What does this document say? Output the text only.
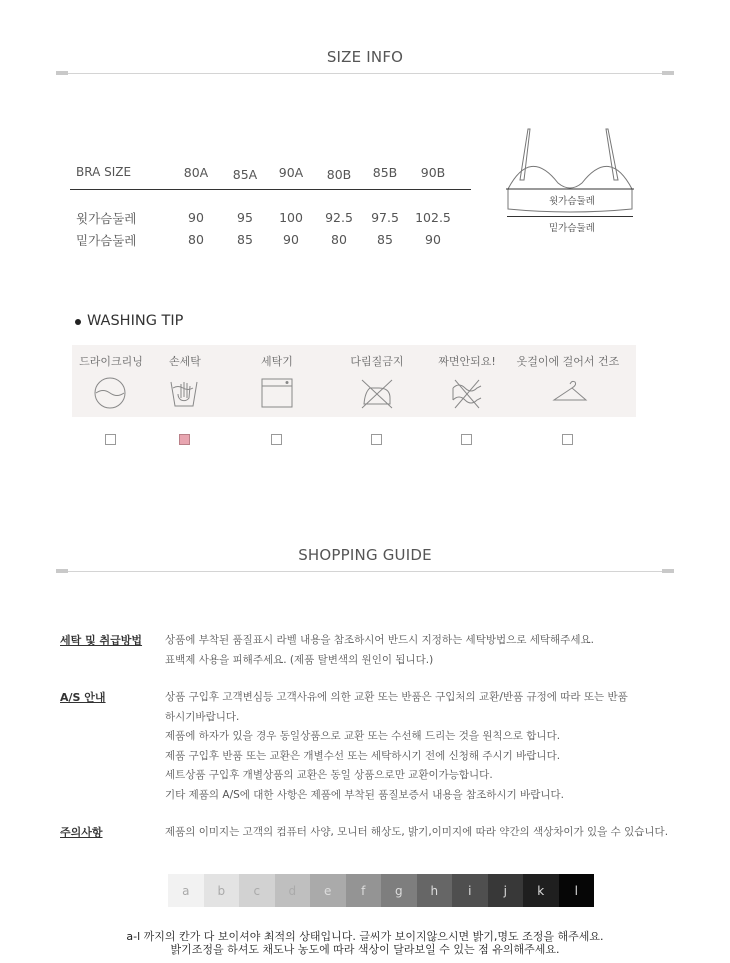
SIZE INFO
BRA SIZE	80A	85A	90A	80B	85B	90B
윗가슴둘레	90	95	100	92.5	97.5	102.5
밑가슴둘레	80	85	90	80	85	90
윗가슴둘레
밑가슴둘레
WASHING TIP
드라이크리닝	손세탁	세탁기	다림질금지	짜면안되요!	옷걸이에 걸어서 건조
SHOPPING GUIDE
세탁 및 취급방법 상품에 부착된 품질표시 라벨 내용을 참조하시어 반드시 지정하는 세탁방법으로 세탁해주세요.
표백제 사용을 피해주세요. (제품 탈변색의 원인이 됩니다.)
A/S 안내	상품 구입후 고객변심등 고객사유에 의한 교환 또는 반품은 구입처의 교환/반품 규정에 따라 또는 반품
하시기바랍니다.
제품에 하자가 있을 경우 동일상품으로 교환 또는 수선해 드리는 것을 원칙으로 합니다.
제품 구입후 반품 또는 교환은 개별수선 또는 세탁하시기 전에 신청해 주시기 바랍니다.
세트상품 구입후 개별상품의 교환은 동일 상품으로만 교환이가능합니다.
기타 제품의 A/S에 대한 사항은 제품에 부착된 품질보증서 내용을 참조하시기 바랍니다.
주의사항	제품의 이미지는 고객의 컴퓨터 사양, 모니터 해상도, 밝기,이미지에 따라 약간의 색상차이가 있을 수 있습니다.
a	b	c	d	e	f	g	h	i	j	k	l
a-l 까지의 칸가 다 보이셔야 최적의 상태입니다. 글씨가 보이지않으시면 밝기,명도 조정을 해주세요.
밝기조정을 하셔도 채도나 농도에 따라 색상이 달라보일 수 있는 점 유의해주세요.
